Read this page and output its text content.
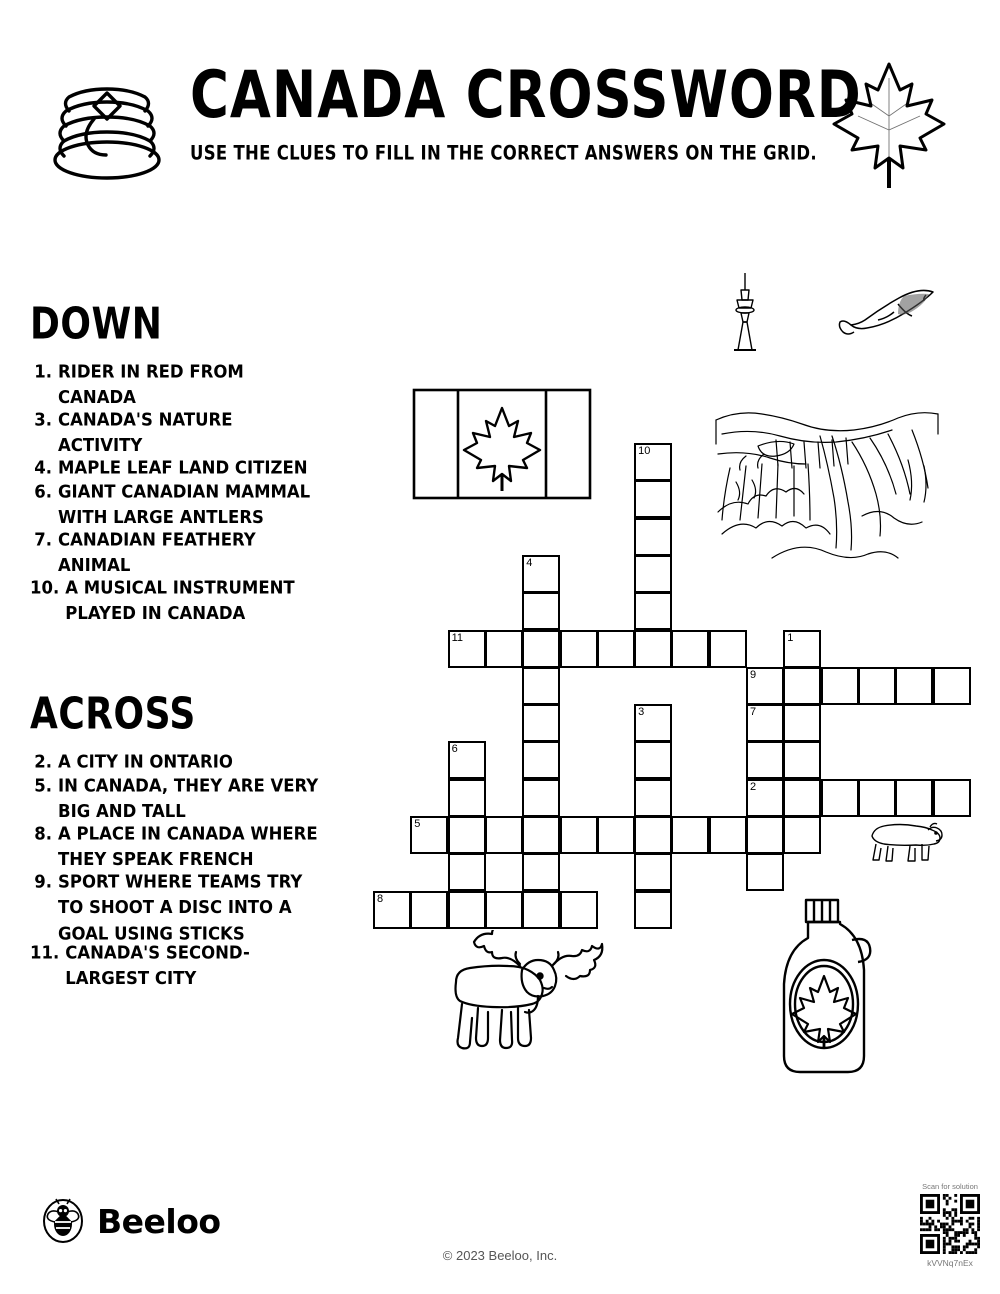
CANADA CROSSWORD
USE THE CLUES TO FILL IN THE CORRECT ANSWERS ON THE GRID.
DOWN
1. RIDER IN RED FROM CANADA
3. CANADA'S NATURE ACTIVITY
4. MAPLE LEAF LAND CITIZEN
6. GIANT CANADIAN MAMMAL WITH LARGE ANTLERS
7. CANADIAN FEATHERY ANIMAL
10. A MUSICAL INSTRUMENT PLAYED IN CANADA
ACROSS
2. A CITY IN ONTARIO
5. IN CANADA, THEY ARE VERY BIG AND TALL
8. A PLACE IN CANADA WHERE THEY SPEAK FRENCH
9. SPORT WHERE TEAMS TRY TO SHOOT A DISC INTO A GOAL USING STICKS
11. CANADA'S SECOND-LARGEST CITY
10
4
11	1
9
3	7
2
6
5
8
Beeloo
© 2023 Beeloo, Inc.
Scan for solution
kVVNq7nEx
